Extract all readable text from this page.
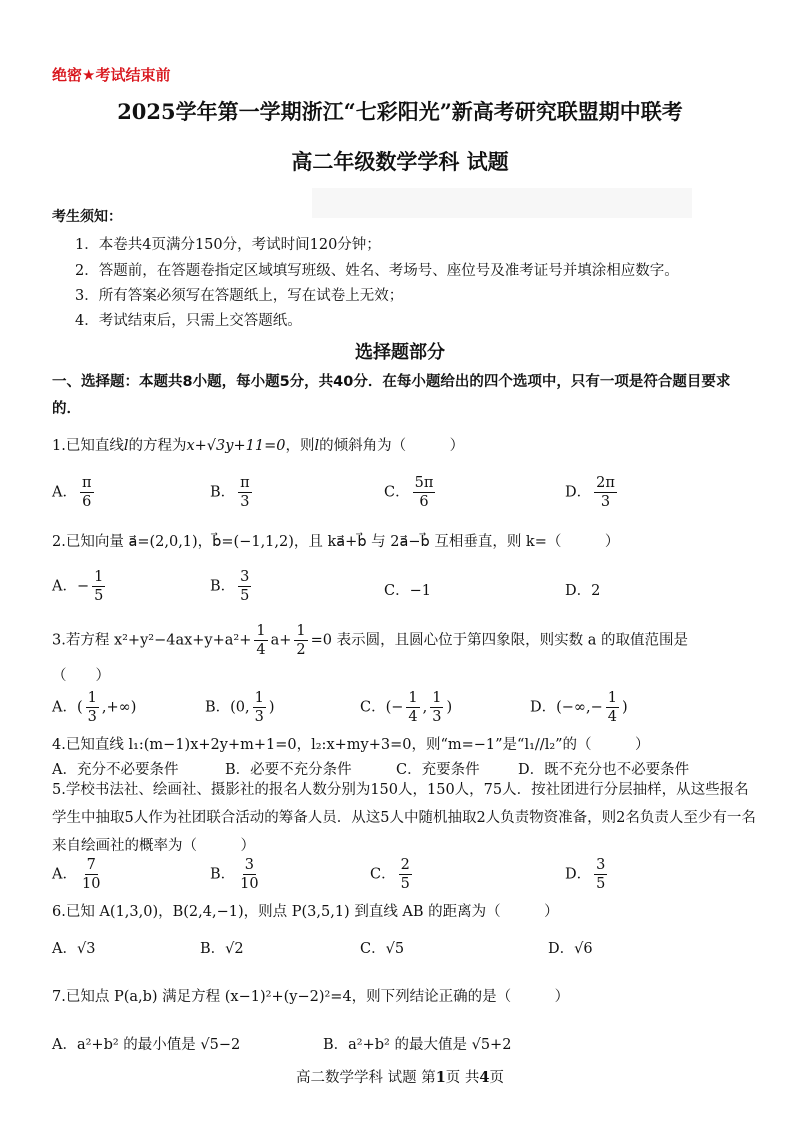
绝密★考试结束前
2025学年第一学期浙江“七彩阳光”新高考研究联盟期中联考
高二年级数学学科 试题
考生须知：
1．本卷共4页满分150分，考试时间120分钟；
2．答题前，在答题卷指定区域填写班级、姓名、考场号、座位号及准考证号并填涂相应数字。
3．所有答案必须写在答题纸上，写在试卷上无效；
4．考试结束后，只需上交答题纸。
选择题部分
一、选择题：本题共8小题，每小题5分，共40分．在每小题给出的四个选项中，只有一项是符合题目要求的．
1.已知直线l的方程为x+√3y+11=0，则l的倾斜角为（　　　）
A． $\frac{\pi}{6}$	B． $\frac{\pi}{3}$	C． $\frac{5\pi}{6}$	D． $\frac{2\pi}{3}$
2.已知向量 a⃗=(2,0,1)，b⃗=(−1,1,2)，且 ka⃗+b⃗ 与 2a⃗−b⃗ 互相垂直，则 k=（　　　）
A．− $\frac{1}{5}$	B． $\frac{3}{5}$	C．−1	D．2
3.若方程 $x^2+y^2-4ax+y+a^2+ \frac{1}{4} a+ \frac{1}{2} =0$ 表示圆，且圆心位于第四象限，则实数 a 的取值范围是
（　　）
A．( $\frac{1}{3}$ ,+∞)	B．(0, $\frac{1}{3}$ )	C．(− $\frac{1}{4}$ , $\frac{1}{3}$ )	D．(−∞,− $\frac{1}{4}$ )
4.已知直线 l₁:(m−1)x+2y+m+1=0，l₂:x+my+3=0，则“m=−1”是“l₁//l₂”的（　　　）
A．充分不必要条件	B．必要不充分条件	C．充要条件	D．既不充分也不必要条件
5.学校书法社、绘画社、摄影社的报名人数分别为150人，150人，75人．按社团进行分层抽样，从这些报名学生中抽取5人作为社团联合活动的筹备人员．从这5人中随机抽取2人负责物资准备，则2名负责人至少有一名来自绘画社的概率为（　　　）
A． $\frac{7}{10}$	B． $\frac{3}{10}$	C． $\frac{2}{5}$	D． $\frac{3}{5}$
6.已知 A(1,3,0)，B(2,4,−1)，则点 P(3,5,1) 到直线 AB 的距离为（　　　）
A．√3	B．√2	C．√5	D．√6
7.已知点 P(a,b) 满足方程 (x−1)²+(y−2)²=4，则下列结论正确的是（　　　）
A．a²+b² 的最小值是 √5−2	B．a²+b² 的最大值是 √5+2
高二数学学科 试题 第1页 共4页
